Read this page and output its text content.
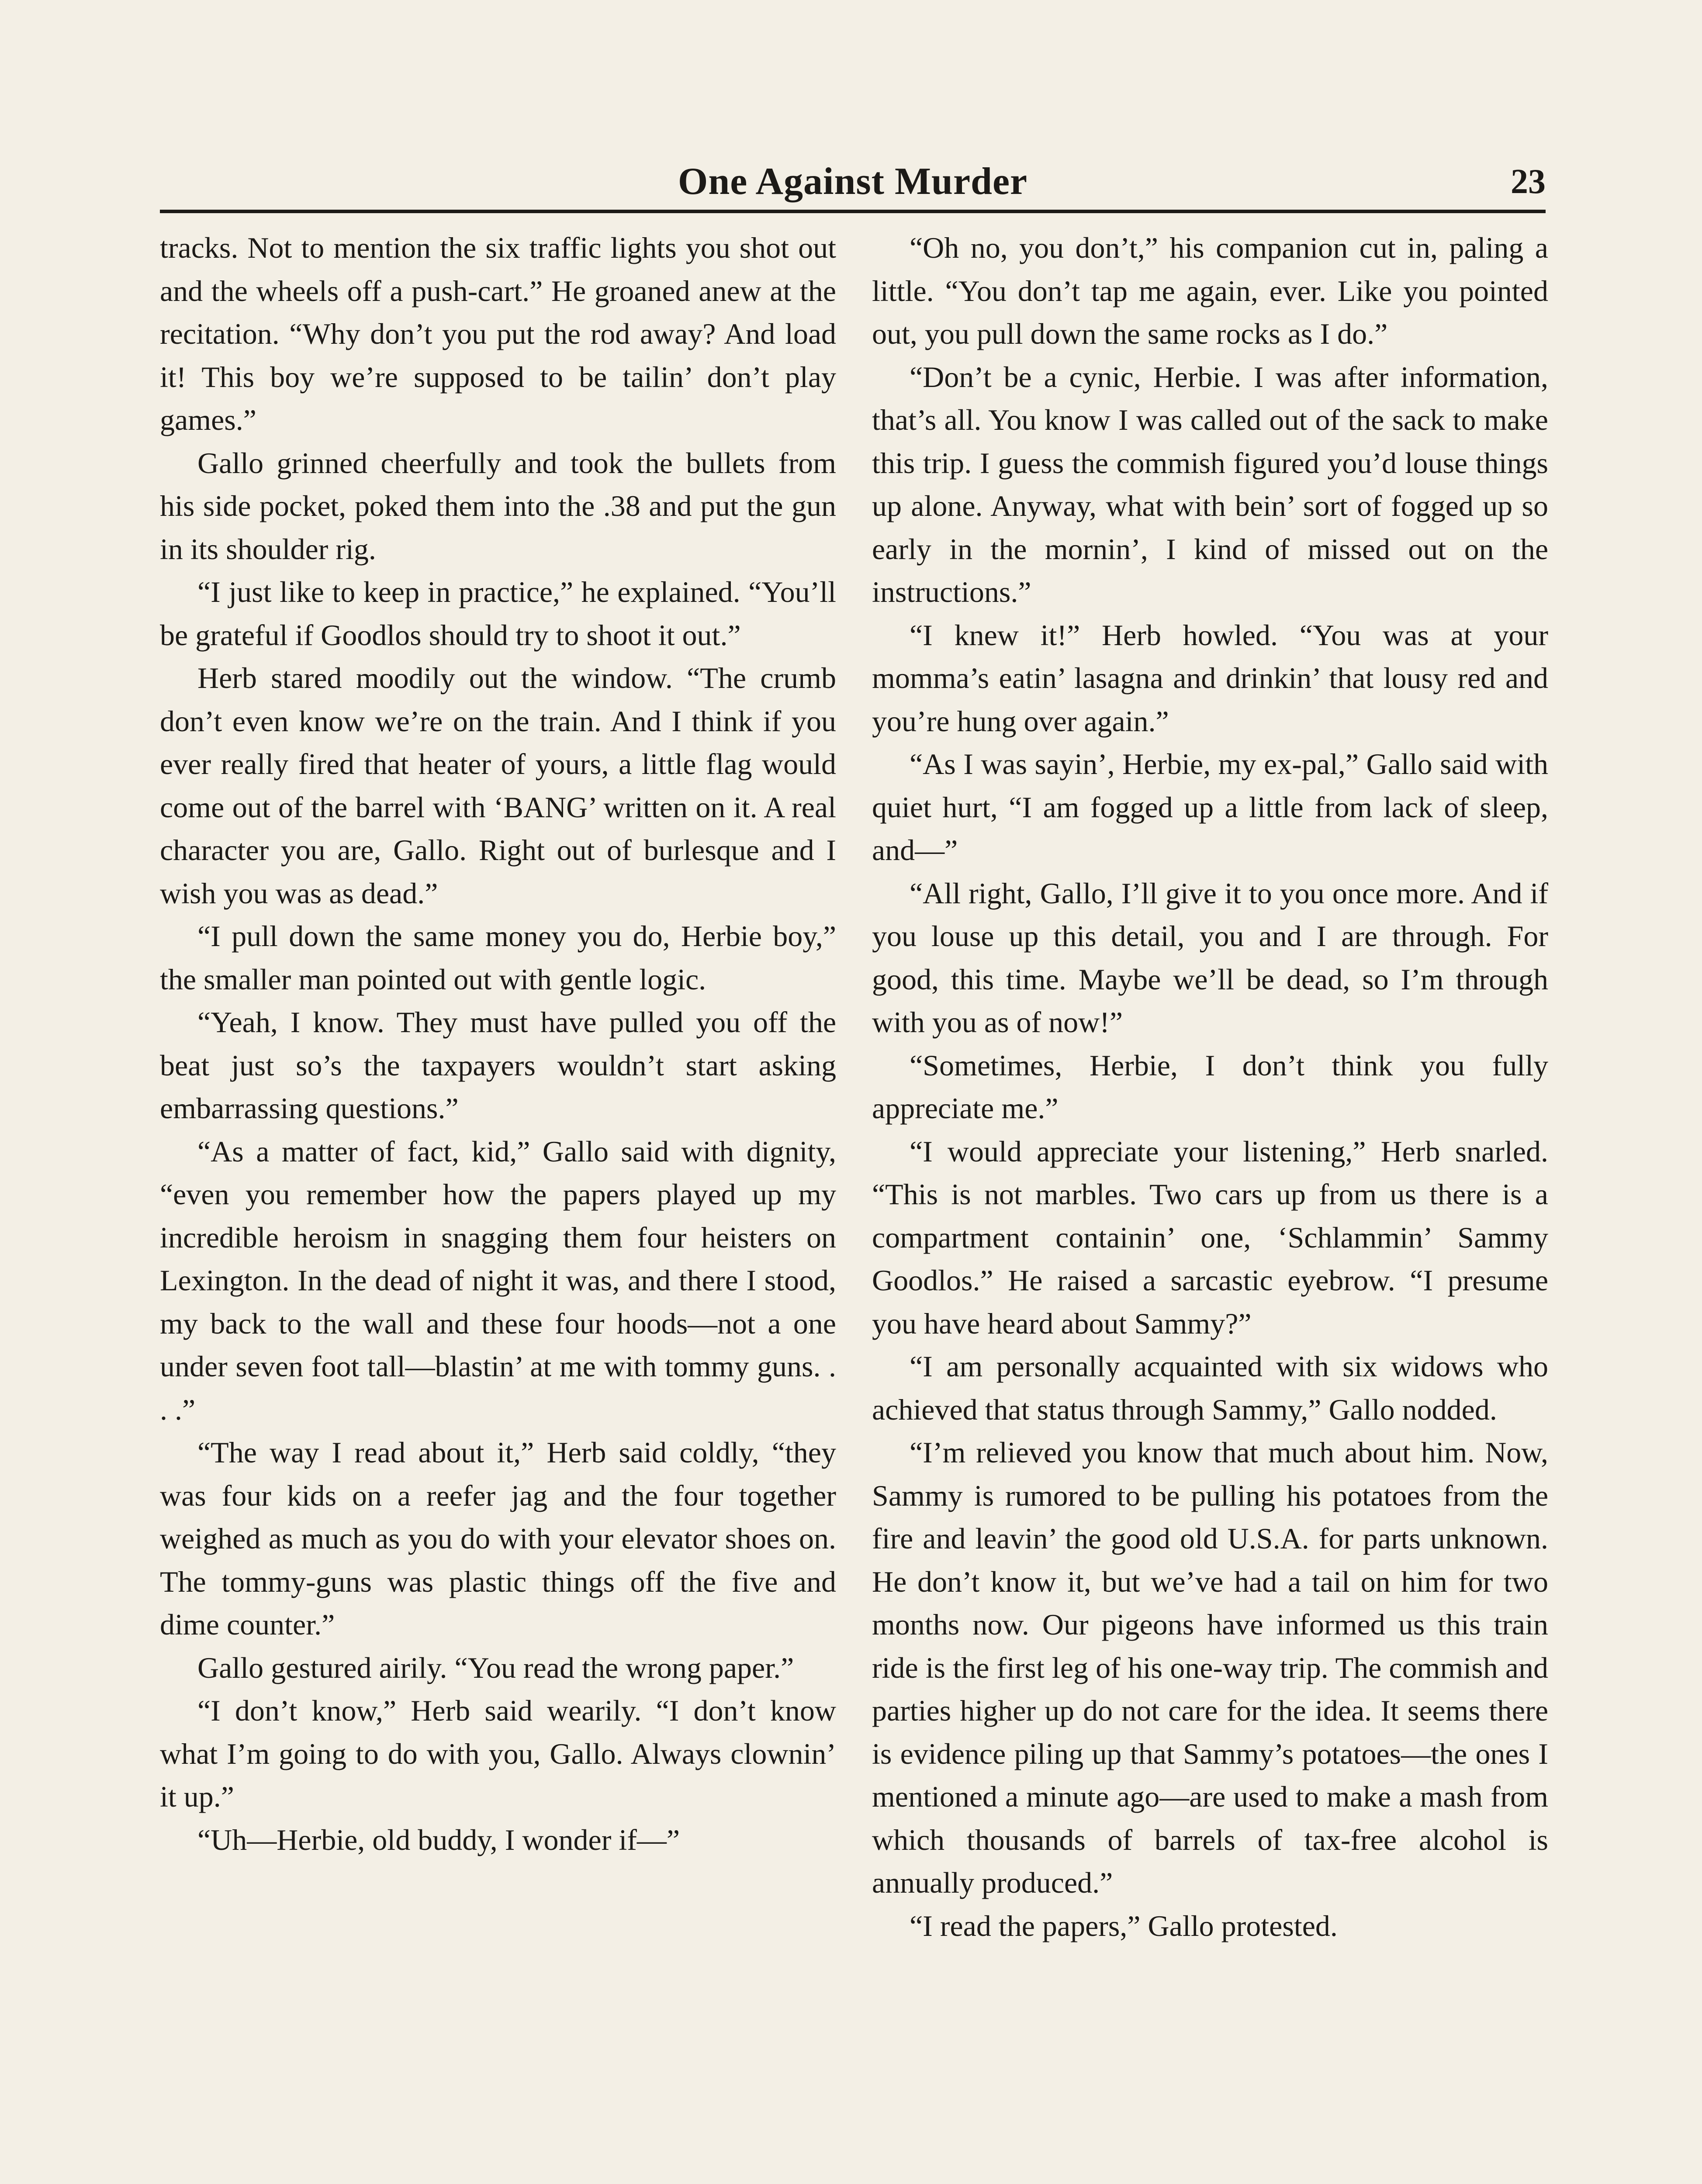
One Against Murder	23

tracks. Not to mention the six traffic lights you shot out and the wheels off a push-cart.” He groaned anew at the recitation. “Why don’t you put the rod away? And load it! This boy we’re supposed to be tailin’ don’t play games.”

Gallo grinned cheerfully and took the bullets from his side pocket, poked them into the .38 and put the gun in its shoulder rig.

“I just like to keep in practice,” he explained. “You’ll be grateful if Goodlos should try to shoot it out.”

Herb stared moodily out the window. “The crumb don’t even know we’re on the train. And I think if you ever really fired that heater of yours, a little flag would come out of the barrel with ‘BANG’ written on it. A real character you are, Gallo. Right out of burlesque and I wish you was as dead.”

“I pull down the same money you do, Herbie boy,” the smaller man pointed out with gentle logic.

“Yeah, I know. They must have pulled you off the beat just so’s the taxpayers wouldn’t start asking embarrassing questions.”

“As a matter of fact, kid,” Gallo said with dignity, “even you remember how the papers played up my incredible heroism in snagging them four heisters on Lexington. In the dead of night it was, and there I stood, my back to the wall and these four hoods—not a one under seven foot tall—blastin’ at me with tommy guns. . . .”

“The way I read about it,” Herb said coldly, “they was four kids on a reefer jag and the four together weighed as much as you do with your elevator shoes on. The tommy-guns was plastic things off the five and dime counter.”

Gallo gestured airily. “You read the wrong paper.”

“I don’t know,” Herb said wearily. “I don’t know what I’m going to do with you, Gallo. Always clownin’ it up.”

“Uh—Herbie, old buddy, I wonder if—”

“Oh no, you don’t,” his companion cut in, paling a little. “You don’t tap me again, ever. Like you pointed out, you pull down the same rocks as I do.”

“Don’t be a cynic, Herbie. I was after information, that’s all. You know I was called out of the sack to make this trip. I guess the commish figured you’d louse things up alone. Anyway, what with bein’ sort of fogged up so early in the mornin’, I kind of missed out on the instructions.”

“I knew it!” Herb howled. “You was at your momma’s eatin’ lasagna and drinkin’ that lousy red and you’re hung over again.”

“As I was sayin’, Herbie, my ex-pal,” Gallo said with quiet hurt, “I am fogged up a little from lack of sleep, and—”

“All right, Gallo, I’ll give it to you once more. And if you louse up this detail, you and I are through. For good, this time. Maybe we’ll be dead, so I’m through with you as of now!”

“Sometimes, Herbie, I don’t think you fully appreciate me.”

“I would appreciate your listening,” Herb snarled. “This is not marbles. Two cars up from us there is a compartment containin’ one, ‘Schlammin’ Sammy Goodlos.” He raised a sarcastic eyebrow. “I presume you have heard about Sammy?”

“I am personally acquainted with six widows who achieved that status through Sammy,” Gallo nodded.

“I’m relieved you know that much about him. Now, Sammy is rumored to be pulling his potatoes from the fire and leavin’ the good old U.S.A. for parts unknown. He don’t know it, but we’ve had a tail on him for two months now. Our pigeons have informed us this train ride is the first leg of his one-way trip. The commish and parties higher up do not care for the idea. It seems there is evidence piling up that Sammy’s potatoes—the ones I mentioned a minute ago—are used to make a mash from which thousands of barrels of tax-free alcohol is annually produced.”

“I read the papers,” Gallo protested.
